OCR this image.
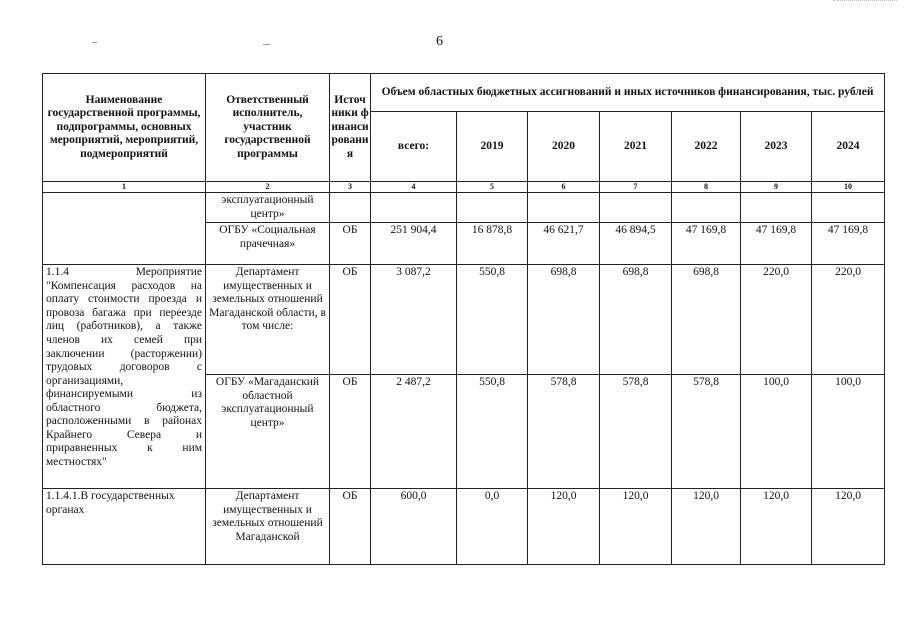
6
Наименование государственной программы, подпрограммы, основных мероприятий, мероприятий, подмероприятий	Ответственный исполнитель, участник государственной программы	Источники финансирования	Объем областных бюджетных ассигнований и иных источников финансирования, тыс. рублей						
			всего:	2019	2020	2021	2022	2023	2024
1	2	3	4	5	6	7	8	9	10
	эксплуатационный центр»								
	ОГБУ «Социальная прачечная»	ОБ	251 904,4	16 878,8	46 621,7	46 894,5	47 169,8	47 169,8	47 169,8
1.1.4 Мероприятие "Компенсация расходов на оплату стоимости проезда и провоза багажа при переезде лиц (работников), а также членов их семей при заключении (расторжении) трудовых договоров с организациями, финансируемыми из областного бюджета, расположенными в районах Крайнего Севера и приравненных к ним местностях"	Департамент имущественных и земельных отношений Магаданской области, в том числе:	ОБ	3 087,2	550,8	698,8	698,8	698,8	220,0	220,0
	ОГБУ «Магаданский областной эксплуатационный центр»	ОБ	2 487,2	550,8	578,8	578,8	578,8	100,0	100,0
1.1.4.1.В государственных органах	Департамент имущественных и земельных отношений Магаданской	ОБ	600,0	0,0	120,0	120,0	120,0	120,0	120,0
